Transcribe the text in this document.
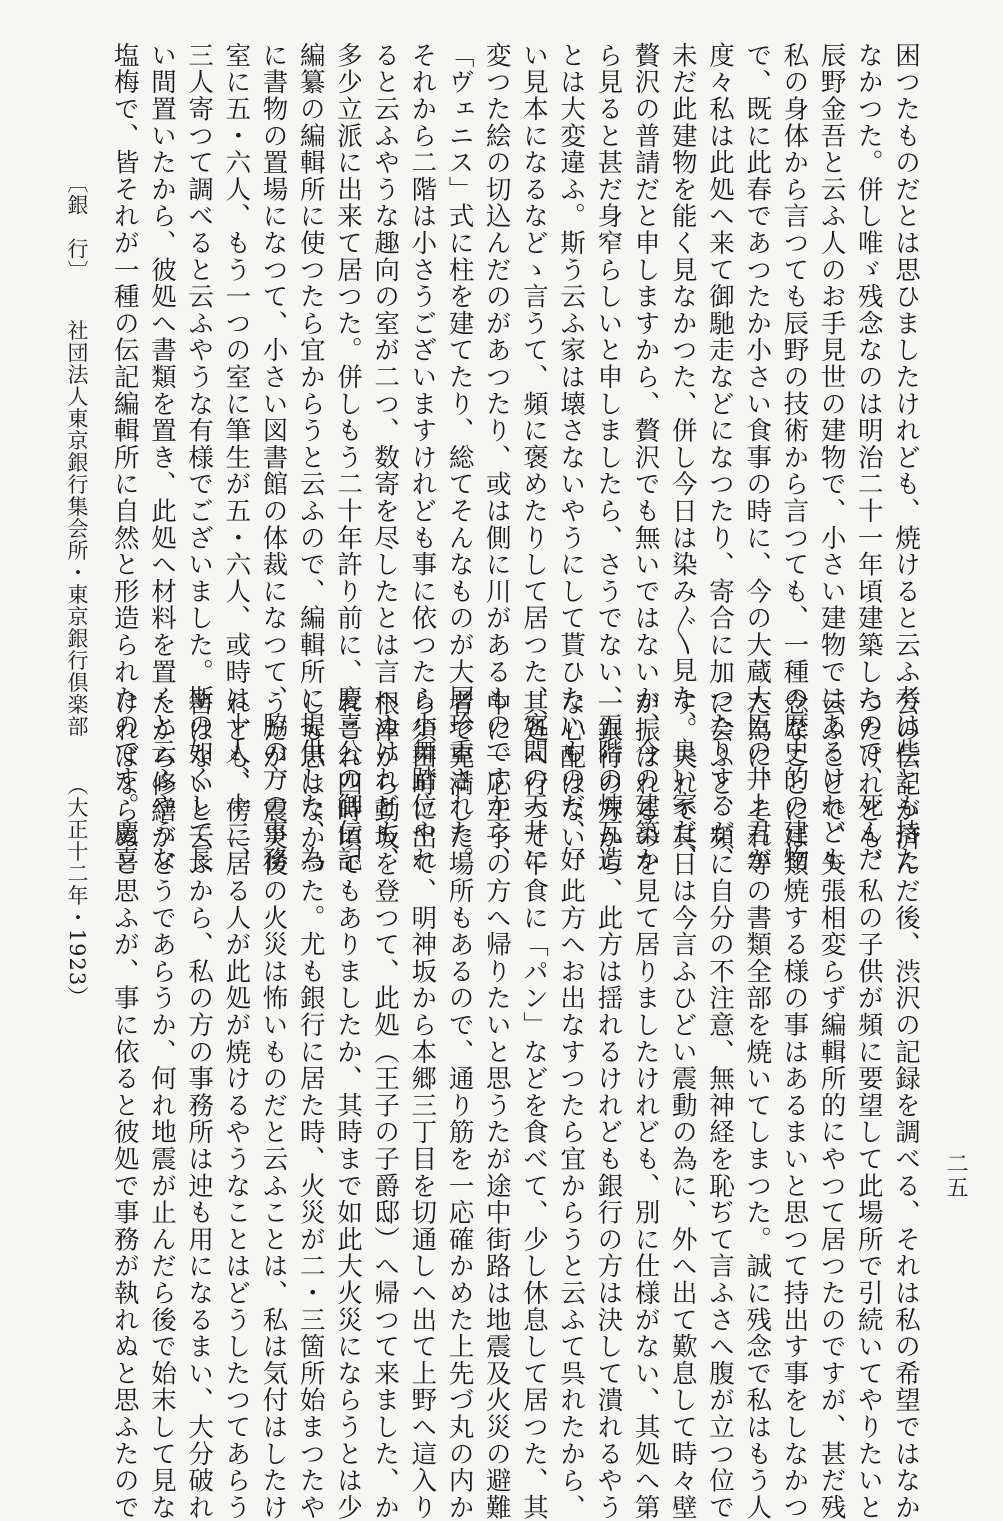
〔銀　行〕  社団法人東京銀行集会所・東京銀行倶楽部  （大正十二年・1923）

困つたものだとは思ひましたけれども、焼けると云ふ考は些とも持た

なかつた。併し唯ゞ残念なのは明治二十一年頃建築したので、死んだ

辰野金吾と云ふ人のお手見世の建物で、小さい建物ではあるけれども

私の身体から言つても辰野の技術から言つても、一種の歴史的の建物

で、既に此春であつたか小さい食事の時に、今の大蔵大臣の井上君が

度々私は此処へ来て御馳走などになつたり、寄合に加つたりするが、

未だ此建物を能く見なかつた、併し今日は染み〴〵見た、良い家だ、

贅沢の普請だと申しますから、贅沢でも無いではないか、今の建築か

ら見ると甚だ身窄らしいと申しましたら、さうでない、五階の煉瓦造

とは大変違ふ。斯う云ふ家は壊さないやうにして貰ひたいものだ、好

い見本になるなどゝ言うて、頻に褒めたりして居つた、客間の天井に

変つた絵の切込んだのがあつたり、或は側に川があるものですから、

「ヴェニス」式に柱を建てたり、総てそんなものが大層珍重された。

それから二階は小さうございますけれども事に依つたら小舞踏位やれ

ると云ふやうな趣向の室が二つ、数寄を尽したとは言へぬけれども、

多少立派に出来て居つた。併しもう二十年許り前に、慶喜公の御伝記

編纂の編輯所に使つたら宜からうと云ふので、編輯所に提供した、為

に書物の置場になつて、小さい図書館の体裁になつて、脇の方の事務

室に五・六人、もう一つの室に筆生が五・六人、或時は十人、十二、

三人寄つて調べると云ふやうな有様でございました。斯の如くして長

い間置いたから、彼処へ書類を置き、此処へ材料を置くと云ふやうな

塩梅で、皆それが一種の伝記編輯所に自然と形造られたのです。慶喜

公の伝記が済んだ後、渋沢の記録を調べる、それは私の希望ではなか

つたけれども、私の子供が頻に要望して此場所で引続いてやりたいと

云ふことで、矢張相変らず編輯所的にやつて居つたのですが、甚だ残

念なことには類焼する様の事はあるまいと思つて持出す事をしなかつ

た為に、それ等の書類全部を焼いてしまつた。誠に残念で私はもう人

に会ふと、頻に自分の不注意、無神経を恥ぢて言ふさへ腹が立つ位で

す。夫れで其日は今言ふひどい震動の為に、外へ出て歎息して時々壁

が振はれるのを見て居りましたけれども、別に仕様がない、其処へ第

一銀行の方から、此方は揺れるけれども銀行の方は決して潰れるやう

な心配はない、此方へお出なすつたら宜からうと云ふて呉れたから、

其処へ行つて午食に「パン」などを食べて、少し休息して居つた、其

中に一応王子の方へ帰りたいと思うたが途中街路は地震及火災の避難

者で充満した場所もあるので、通り筋を一応確かめた上先づ丸の内か

ら須田町に出て、明神坂から本郷三丁目を切通しへ出て上野へ這入り

根津から動坂を登つて、此処（王子の子爵邸）へ帰つて来ました、か

れこれ四時頃でもありましたか、其時まで如此大火災にならうとは少

しも思はなかつた。尤も銀行に居た時、火災が二・三箇所始まつたや

うだが、震災後の火災は怖いものだと云ふことは、私は気付はしたけ

れども、傍に居る人が此処が焼けるやうなことはどうしたつてあらう

筈はないと云ふから、私の方の事務所は迚も用になるまい、大分破れ

たから修繕がどうであらうか、何れ地震が止んだら後で始末して見な

ければならぬと思ふが、事に依ると彼処で事務が執れぬと思ふたので	二五
